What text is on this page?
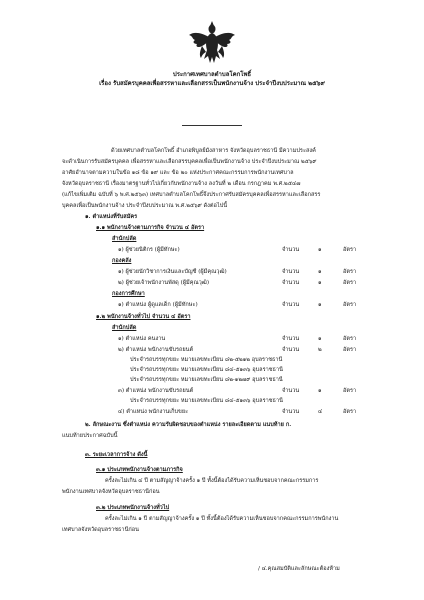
ประกาศเทศบาลตำบลโคกโพธิ์
เรื่อง รับสมัครบุคคลเพื่อสรรหาและเลือกสรรเป็นพนักงานจ้าง ประจำปีงบประมาณ ๒๕๖๙
ด้วยเทศบาลตำบลโคกโพธิ์ อำเภอพิบูลย์มังสาหาร จังหวัดอุบลราชธานี มีความประสงค์
จะดำเนินการรับสมัครบุคคล เพื่อสรรหาและเลือกสรรบุคคลเพื่อเป็นพนักงานจ้าง ประจำปีงบประมาณ ๒๕๖๙
อาศัยอำนาจตามความในข้อ ๑๘ ข้อ ๑๙ และ ข้อ ๒๐ แห่งประกาศคณะกรรมการพนักงานเทศบาล
จังหวัดอุบลราชธานี เรื่องมาตรฐานทั่วไปเกี่ยวกับพนักงานจ้าง ลงวันที่ ๒ เดือน กรกฎาคม พ.ศ.๒๕๔๗
(แก้ไขเพิ่มเติม ฉบับที่ ๖ พ.ศ.๒๕๖๓) เทศบาลตำบลโคกโพธิ์จึงประกาศรับสมัครบุคคลเพื่อสรรหาและเลือกสรร
บุคคลเพื่อเป็นพนักงานจ้าง ประจำปีงบประมาณ พ.ศ.๒๕๖๙ ดังต่อไปนี้
๑. ตำแหน่งที่รับสมัคร
๑.๑ พนักงานจ้างตามภารกิจ จำนวน ๔ อัตรา
สำนักปลัด
๑) ผู้ช่วยนิติกร (ผู้มีทักษะ)	จำนวน	๑	อัตรา
กองคลัง
๑) ผู้ช่วยนักวิชาการเงินและบัญชี (ผู้มีคุณวุฒิ)	จำนวน	๑	อัตรา
๒) ผู้ช่วยเจ้าพนักงานพัสดุ (ผู้มีคุณวุฒิ)	จำนวน	๑	อัตรา
กองการศึกษา
๑) ตำแหน่ง ผู้ดูแลเด็ก (ผู้มีทักษะ)	จำนวน	๑	อัตรา
๑.๒ พนักงานจ้างทั่วไป จำนวน ๔ อัตรา
สำนักปลัด
๑) ตำแหน่ง คนงาน	จำนวน	๑	อัตรา
๒) ตำแหน่ง พนักงานขับรถยนต์	จำนวน	๒	อัตรา
ประจำรถบรรทุกขยะ หมายเลขทะเบียน ๘๒-๕๒๑๒ อุบลราชธานี
ประจำรถบรรทุกขยะ หมายเลขทะเบียน ๘๔-๕๑๓๖ อุบลราชธานี
ประจำรถบรรทุกขยะ หมายเลขทะเบียน ๘๒-๑๒๗๙ อุบลราชธานี
๓) ตำแหน่ง พนักงานขับรถยนต์	จำนวน	๑	อัตรา
ประจำรถบรรทุกขยะ หมายเลขทะเบียน ๘๔-๕๑๓๖ อุบลราชธานี
๔) ตำแหน่ง พนักงานเก็บขยะ	จำนวน	๔	อัตรา
๒. ลักษณะงาน ซึ่งตำแหน่ง ความรับผิดชอบของตำแหน่ง รายละเอียดตาม แนบท้าย ก.
แนบท้ายประกาศฉบับนี้
๓. ระยะเวลาการจ้าง ดังนี้
๓.๑ ประเภทพนักงานจ้างตามภารกิจ
ครั้งละไม่เกิน ๔ ปี ตามสัญญาจ้างครั้ง ๑ ปี ทั้งนี้ต้องได้รับความเห็นชอบจากคณะกรรมการ
พนักงานเทศบาลจังหวัดอุบลราชธานีก่อน
๓.๒ ประเภทพนักงานจ้างทั่วไป
ครั้งละไม่เกิน ๑ ปี ตามสัญญาจ้างครั้ง ๑ ปี ทั้งนี้ต้องได้รับความเห็นชอบจากคณะกรรมการพนักงาน
เทศบาลจังหวัดอุบลราชธานีก่อน
/ ๔.คุณสมบัติและลักษณะต้องห้าม
